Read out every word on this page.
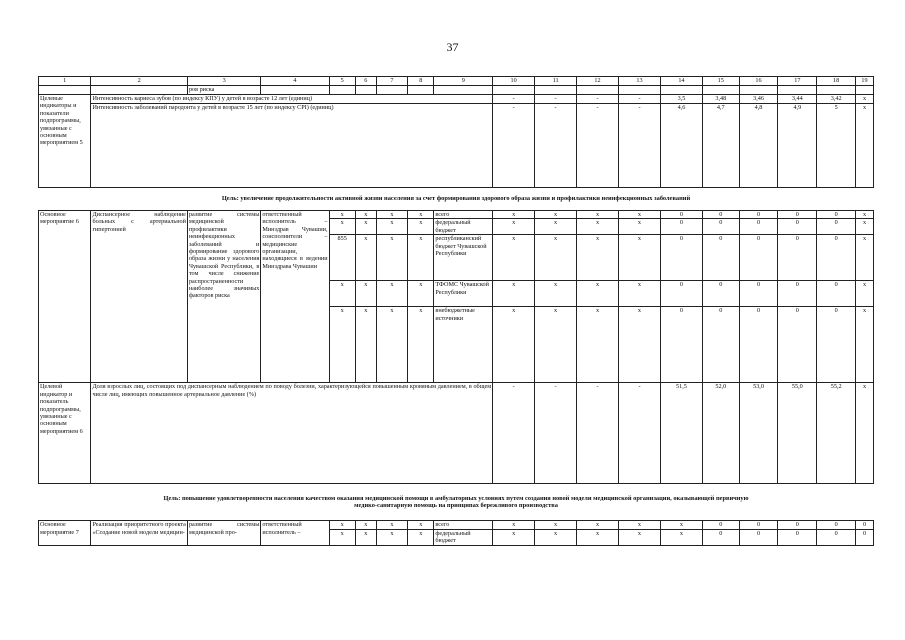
37
1	2	3	4	5	6	7	8	9	10	11	12	13	14	15	16	17	18	19
		ров риска																
Целевые индикаторы и показатели подпрограммы, увязанные с основным мероприятием 5	Интенсивность кариеса зубов (по индексу КПУ) у детей в возрасте 12 лет (единиц)								-	-	-	-	3,5	3,48	3,46	3,44	3,42	x
	Интенсивность заболеваний пародонта у детей в возрасте 15 лет (по индексу CPI) (единиц)								-	-	-	-	4,6	4,7	4,8	4,9	5	x
Цель: увеличение продолжительности активной жизни населения за счет формирования здорового образа жизни и профилактики неинфекционных заболеваний																		
Основное мероприятие 6	Диспансерное наблюдение больных с артериальной гипертонией	развитие системы медицинской профилактики неинфекционных заболеваний и формирование здорового образа жизни у населения Чувашской Республики, в том числе снижение распространенности наиболее значимых факторов риска	ответственный исполнитель – Минздрав Чувашии, соисполнители – медицинские организации, находящиеся в ведении Минздрава Чувашии	x	x	x	x	всего	x	x	x	x	0	0	0	0	0	x
				x	x	x	x	федеральный бюджет	x	x	x	x	0	0	0	0	0	x
				855	x	x	x	республиканский бюджет Чувашской Республики	x	x	x	x	0	0	0	0	0	x
				x	x	x	x	ТФОМС Чувашской Республики	x	x	x	x	0	0	0	0	0	x
				x	x	x	x	внебюджетные источники	x	x	x	x	0	0	0	0	0	x
Целевой индикатор и показатель подпрограммы, увязанные с основным мероприятием 6	Доля взрослых лиц, состоящих под диспансерным наблюдением по поводу болезни, характеризующейся повышенным кровяным давлением, в общем числе лиц, имеющих повышенное артериальное давление (%)								-	-	-	-	51,5	52,0	53,0	55,0	55,2	x
Цель: повышение удовлетворенности населения качеством оказания медицинской помощи в амбулаторных условиях путем создания новой модели медицинской организации, оказывающей первичную медико-санитарную помощь на принципах бережливого производства																		
Основное мероприятие 7	Реализация приоритетного проекта «Создание новой модели медицин-	развитие системы медицинской про-	ответственный исполнитель –	x	x	x	x	всего	x	x	x	x	x	0	0	0	0	0
				x	x	x	x	федеральный бюджет	x	x	x	x	x	0	0	0	0	0
